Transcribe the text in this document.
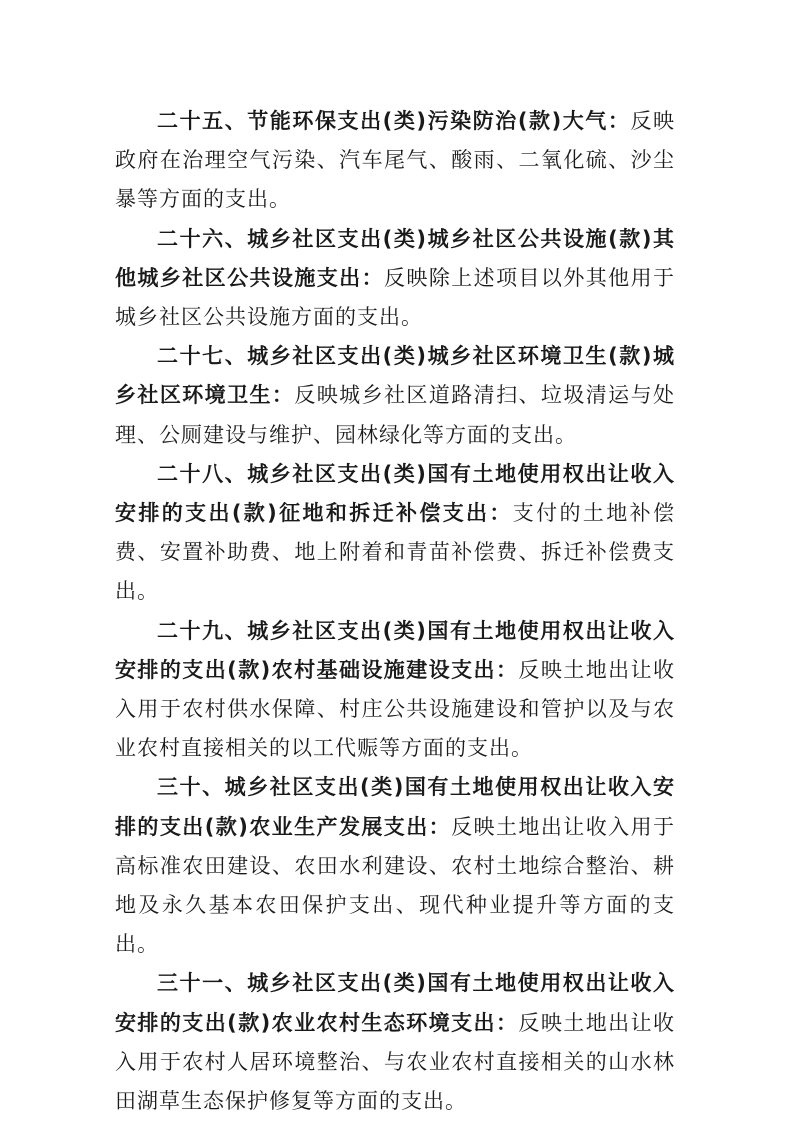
二十五、节能环保支出(类)污染防治(款)大气：反映政府在治理空气污染、汽车尾气、酸雨、二氧化硫、沙尘暴等方面的支出。

二十六、城乡社区支出(类)城乡社区公共设施(款)其他城乡社区公共设施支出：反映除上述项目以外其他用于城乡社区公共设施方面的支出。

二十七、城乡社区支出(类)城乡社区环境卫生(款)城乡社区环境卫生：反映城乡社区道路清扫、垃圾清运与处理、公厕建设与维护、园林绿化等方面的支出。

二十八、城乡社区支出(类)国有土地使用权出让收入安排的支出(款)征地和拆迁补偿支出：支付的土地补偿费、安置补助费、地上附着和青苗补偿费、拆迁补偿费支出。

二十九、城乡社区支出(类)国有土地使用权出让收入安排的支出(款)农村基础设施建设支出：反映土地出让收入用于农村供水保障、村庄公共设施建设和管护以及与农业农村直接相关的以工代赈等方面的支出。

三十、城乡社区支出(类)国有土地使用权出让收入安排的支出(款)农业生产发展支出：反映土地出让收入用于高标准农田建设、农田水利建设、农村土地综合整治、耕地及永久基本农田保护支出、现代种业提升等方面的支出。

三十一、城乡社区支出(类)国有土地使用权出让收入安排的支出(款)农业农村生态环境支出：反映土地出让收入用于农村人居环境整治、与农业农村直接相关的山水林田湖草生态保护修复等方面的支出。
